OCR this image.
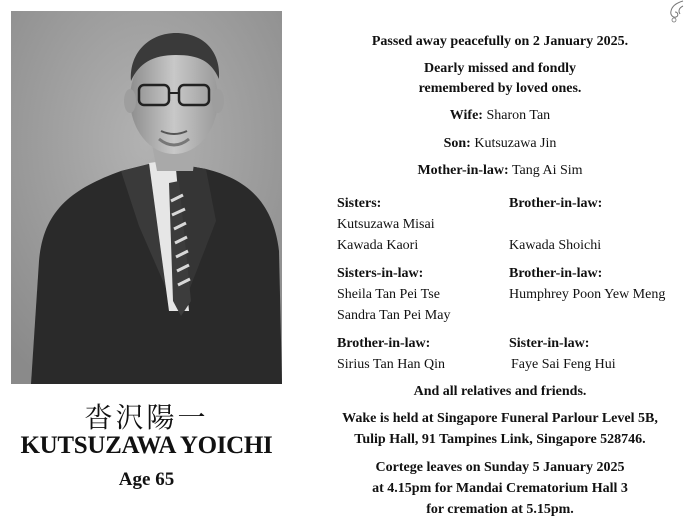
沓沢陽一
KUTSUZAWA YOICHI
Age 65
Passed away peacefully on 2 January 2025.
Dearly missed and fondly
remembered by loved ones.
Wife: Sharon Tan
Son: Kutsuzawa Jin
Mother-in-law: Tang Ai Sim
Sisters:
Kutsuzawa Misai
Kawada Kaori
Brother-in-law:
Kawada Shoichi
Sisters-in-law:
Sheila Tan Pei Tse
Sandra Tan Pei May
Brother-in-law:
Humphrey Poon Yew Meng
Brother-in-law:
Sirius Tan Han Qin
Sister-in-law:
Faye Sai Feng Hui
And all relatives and friends.
Wake is held at Singapore Funeral Parlour Level 5B,
Tulip Hall, 91 Tampines Link, Singapore 528746.
Cortege leaves on Sunday 5 January 2025
at 4.15pm for Mandai Crematorium Hall 3
for cremation at 5.15pm.
